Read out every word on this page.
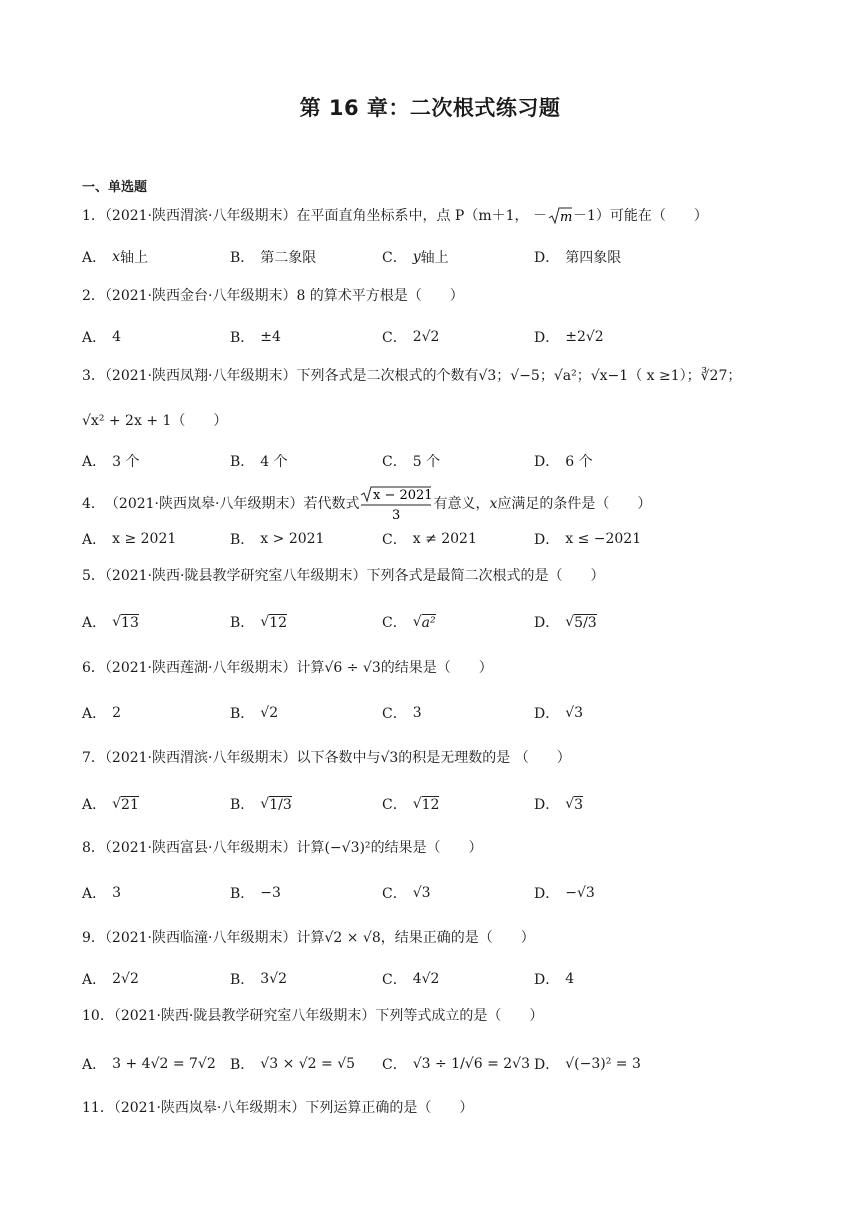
第 16 章：二次根式练习题
一、单选题
1．（2021·陕西渭滨·八年级期末）在平面直角坐标系中，点 P（m＋1， － m －1）可能在（　　）
A． x 轴上	B． 第二象限	C． y 轴上	D． 第四象限
2．（2021·陕西金台·八年级期末）8 的算术平方根是（　　）
A． 4	B． ±4	C． 2√2	D． ±2√2
3．（2021·陕西凤翔·八年级期末）下列各式是二次根式的个数有√3；√−5；√a²；√x−1（ x ≥1）；∛27；
√x² + 2x + 1（　　）
A． 3 个	B． 4 个	C． 5 个	D． 6 个
4． （2021·陕西岚皋·八年级期末）若代数式
x − 2021
3
有意义， x 应满足的条件是（　　）
A． x ≥ 2021	B． x > 2021	C． x ≠ 2021	D． x ≤ −2021
5．（2021·陕西·陇县教学研究室八年级期末）下列各式是最简二次根式的是（　　）
A． √ 13	B． √ 12	C． √ a²	D． √ 5/3
6．（2021·陕西莲湖·八年级期末）计算√6 ÷ √3的结果是（　　）
A． 2	B． √2	C． 3	D． √3
7．（2021·陕西渭滨·八年级期末）以下各数中与√3的积是无理数的是 （　　）
A． √ 21	B． √ 1/3	C． √ 12	D． √ 3
8．（2021·陕西富县·八年级期末）计算(−√3)²的结果是（　　）
A． 3	B． −3	C． √3	D． −√3
9．（2021·陕西临潼·八年级期末）计算√2 × √8，结果正确的是（　　）
A． 2√2	B． 3√2	C． 4√2	D． 4
10．（2021·陕西·陇县教学研究室八年级期末）下列等式成立的是（　　）
A． 3 + 4√2 = 7√2 B． √3 × √2 = √5 C． √3 ÷ 1/√6 = 2√3 D． √(−3)² = 3
11．（2021·陕西岚皋·八年级期末）下列运算正确的是（　　）
